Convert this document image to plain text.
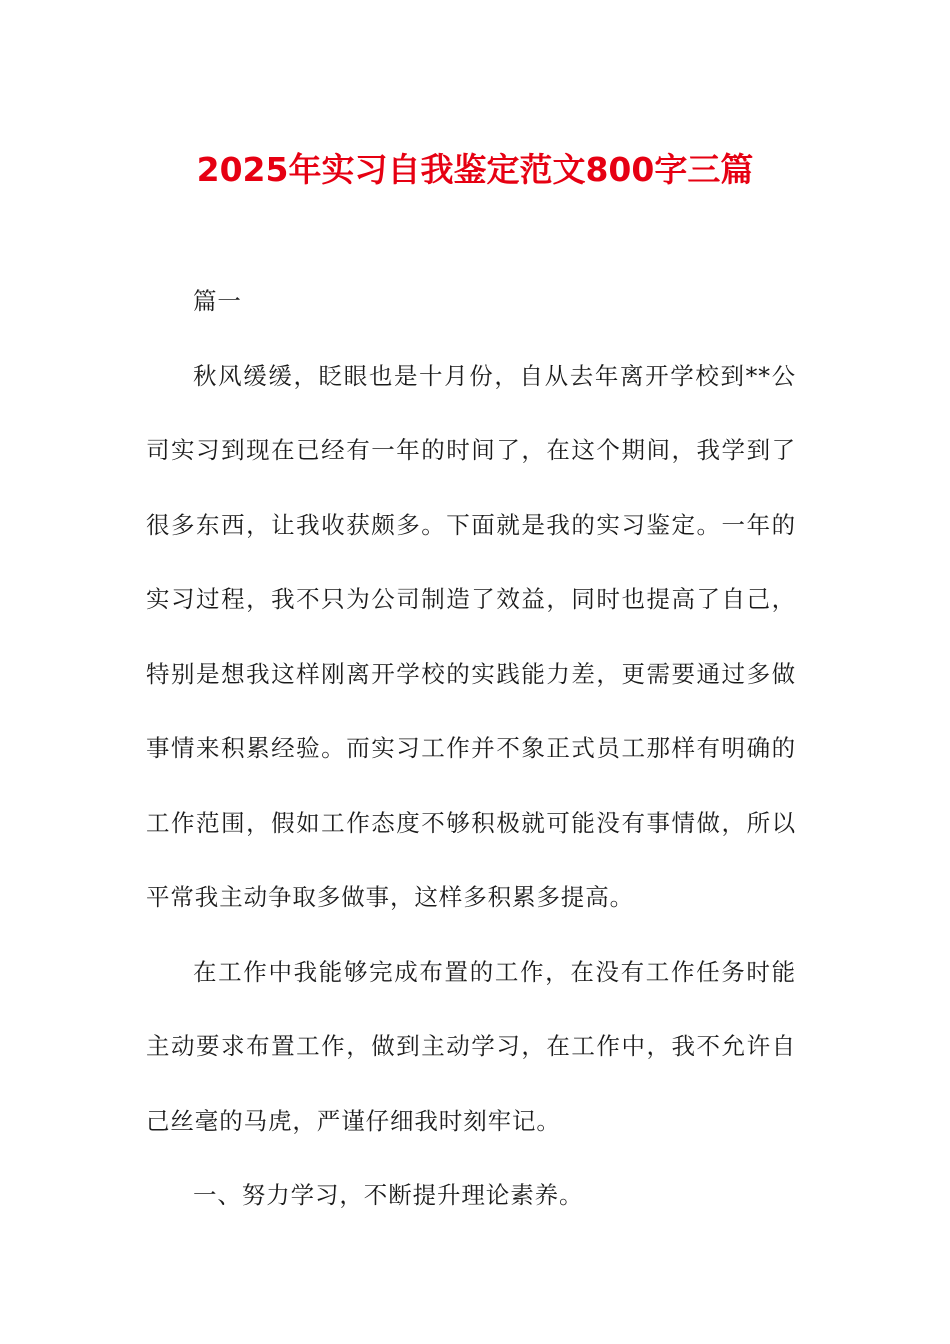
2025年实习自我鉴定范文800字三篇

篇一

秋风缓缓，眨眼也是十月份，自从去年离开学校到**公司实习到现在已经有一年的时间了，在这个期间，我学到了很多东西，让我收获颇多。下面就是我的实习鉴定。一年的实习过程，我不只为公司制造了效益，同时也提高了自己，特别是想我这样刚离开学校的实践能力差，更需要通过多做事情来积累经验。而实习工作并不象正式员工那样有明确的工作范围，假如工作态度不够积极就可能没有事情做，所以平常我主动争取多做事，这样多积累多提高。

在工作中我能够完成布置的工作，在没有工作任务时能主动要求布置工作，做到主动学习，在工作中，我不允许自己丝毫的马虎，严谨仔细我时刻牢记。

一、努力学习，不断提升理论素养。
